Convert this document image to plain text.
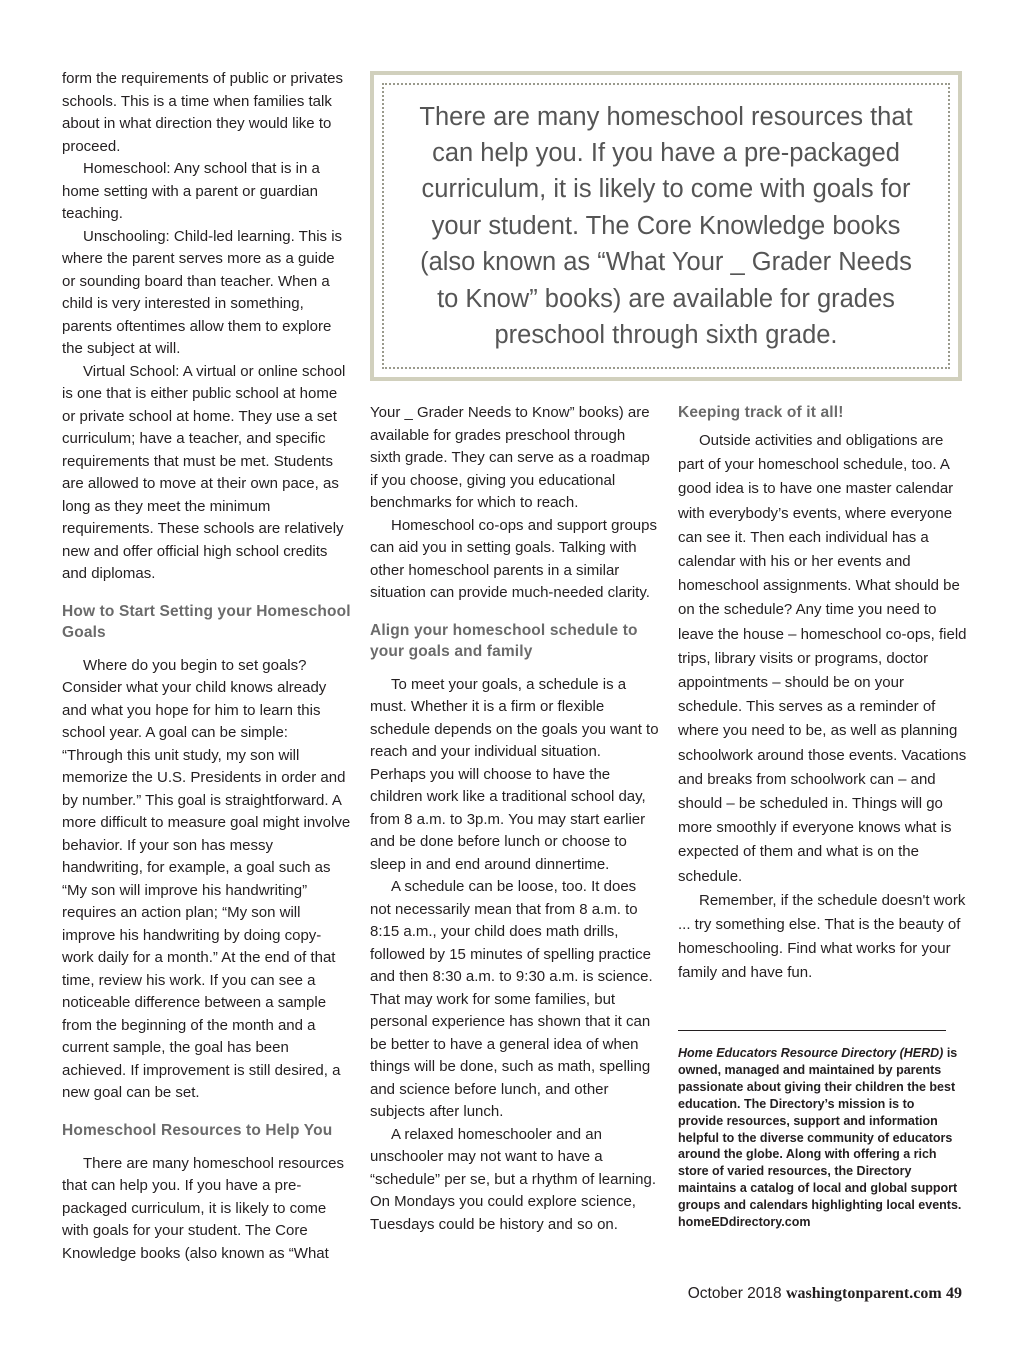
form the requirements of public or privates schools. This is a time when families talk about in what direction they would like to proceed.

Homeschool: Any school that is in a home setting with a parent or guardian teaching.

Unschooling: Child-led learning. This is where the parent serves more as a guide or sounding board than teacher. When a child is very interested in something, parents oftentimes allow them to explore the subject at will.

Virtual School: A virtual or online school is one that is either public school at home or private school at home. They use a set curriculum; have a teacher, and specific requirements that must be met. Students are allowed to move at their own pace, as long as they meet the minimum requirements. These schools are relatively new and offer official high school credits and diplomas.

How to Start Setting your Homeschool Goals

Where do you begin to set goals? Consider what your child knows already and what you hope for him to learn this school year. A goal can be simple: “Through this unit study, my son will memorize the U.S. Presidents in order and by number.” This goal is straightforward. A more difficult to measure goal might involve behavior. If your son has messy handwriting, for example, a goal such as “My son will improve his handwriting” requires an action plan; “My son will improve his handwriting by doing copy-work daily for a month.” At the end of that time, review his work. If you can see a noticeable difference between a sample from the beginning of the month and a current sample, the goal has been achieved. If improvement is still desired, a new goal can be set.

Homeschool Resources to Help You

There are many homeschool resources that can help you. If you have a pre-packaged curriculum, it is likely to come with goals for your student. The Core Knowledge books (also known as “What

There are many homeschool resources that can help you. If you have a pre-packaged curriculum, it is likely to come with goals for your student. The Core Knowledge books (also known as “What Your _ Grader Needs to Know” books) are available for grades preschool through sixth grade.

Your _ Grader Needs to Know” books) are available for grades preschool through sixth grade. They can serve as a roadmap if you choose, giving you educational benchmarks for which to reach.

Homeschool co-ops and support groups can aid you in setting goals. Talking with other homeschool parents in a similar situation can provide much-needed clarity.

Align your homeschool schedule to your goals and family

To meet your goals, a schedule is a must. Whether it is a firm or flexible schedule depends on the goals you want to reach and your individual situation. Perhaps you will choose to have the children work like a traditional school day, from 8 a.m. to 3p.m. You may start earlier and be done before lunch or choose to sleep in and end around dinnertime.

A schedule can be loose, too. It does not necessarily mean that from 8 a.m. to 8:15 a.m., your child does math drills, followed by 15 minutes of spelling practice and then 8:30 a.m. to 9:30 a.m. is science. That may work for some families, but personal experience has shown that it can be better to have a general idea of when things will be done, such as math, spelling and science before lunch, and other subjects after lunch.

A relaxed homeschooler and an unschooler may not want to have a “schedule” per se, but a rhythm of learning. On Mondays you could explore science, Tuesdays could be history and so on.

Keeping track of it all!

Outside activities and obligations are part of your homeschool schedule, too. A good idea is to have one master calendar with everybody’s events, where everyone can see it. Then each individual has a calendar with his or her events and homeschool assignments. What should be on the schedule? Any time you need to leave the house – homeschool co-ops, field trips, library visits or programs, doctor appointments – should be on your schedule. This serves as a reminder of where you need to be, as well as planning schoolwork around those events. Vacations and breaks from schoolwork can – and should – be scheduled in. Things will go more smoothly if everyone knows what is expected of them and what is on the schedule.

Remember, if the schedule doesn't work ... try something else. That is the beauty of homeschooling. Find what works for your family and have fun.

Home Educators Resource Directory (HERD) is owned, managed and maintained by parents passionate about giving their children the best education. The Directory’s mission is to provide resources, support and information helpful to the diverse community of educators around the globe. Along with offering a rich store of varied resources, the Directory maintains a catalog of local and global support groups and calendars highlighting local events.
homeEDdirectory.com
October 2018 washingtonparent.com 49
